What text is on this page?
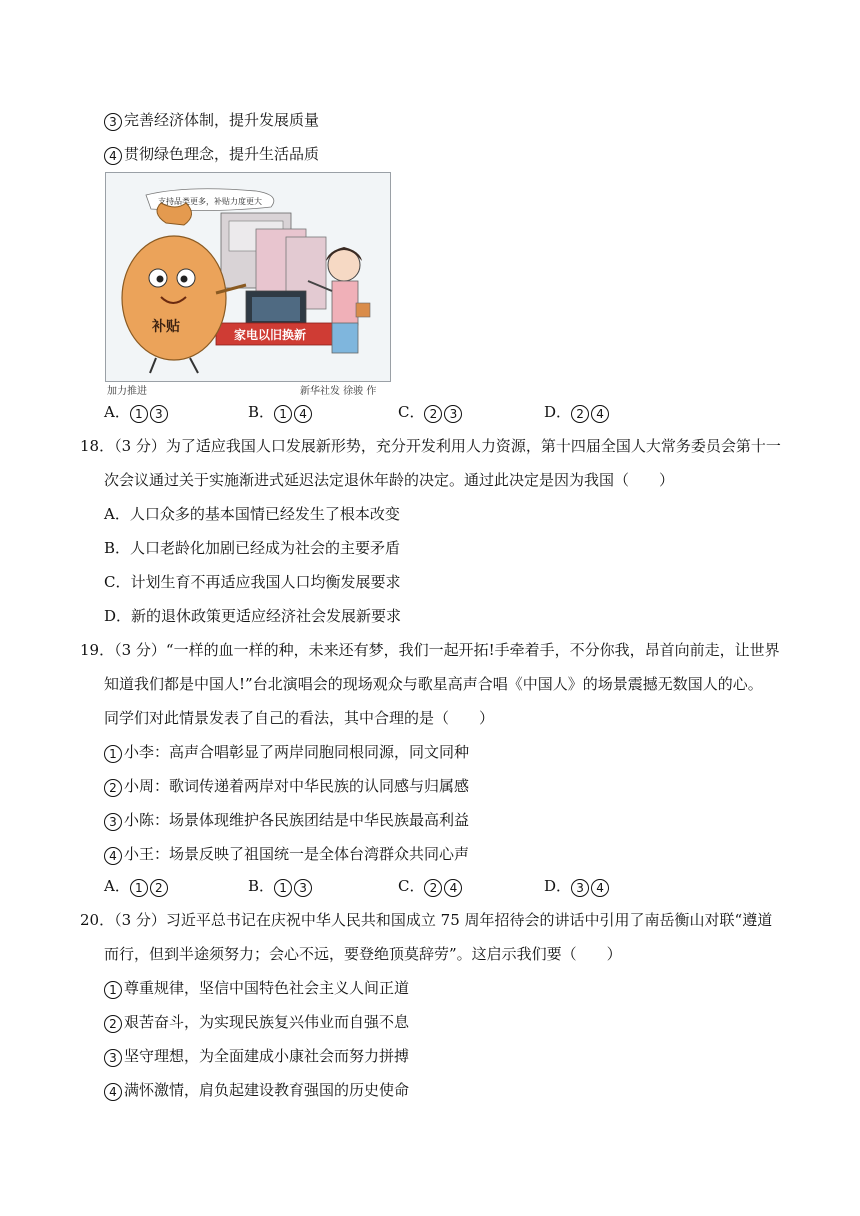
3 完善经济体制，提升发展质量
4 贯彻绿色理念，提升生活品质
支持品类更多，补贴力度更大
家电以旧换新
补贴
加力推进	新华社发 徐骏 作
A． 1 3	B． 1 4	C． 2 3	D． 2 4
18．（3 分）为了适应我国人口发展新形势，充分开发利用人力资源，第十四届全国人大常务委员会第十一
次会议通过关于实施渐进式延迟法定退休年龄的决定。通过此决定是因为我国（　　）
A．人口众多的基本国情已经发生了根本改变
B．人口老龄化加剧已经成为社会的主要矛盾
C．计划生育不再适应我国人口均衡发展要求
D．新的退休政策更适应经济社会发展新要求
19．（3 分）“一样的血一样的种，未来还有梦，我们一起开拓!手牵着手，不分你我，昂首向前走，让世界
知道我们都是中国人!”台北演唱会的现场观众与歌星高声合唱《中国人》的场景震撼无数国人的心。
同学们对此情景发表了自己的看法，其中合理的是（　　）
1 小李：高声合唱彰显了两岸同胞同根同源，同文同种
2 小周：歌词传递着两岸对中华民族的认同感与归属感
3 小陈：场景体现维护各民族团结是中华民族最高利益
4 小王：场景反映了祖国统一是全体台湾群众共同心声
A． 1 2	B． 1 3	C． 2 4	D． 3 4
20．（3 分）习近平总书记在庆祝中华人民共和国成立 75 周年招待会的讲话中引用了南岳衡山对联“遵道
而行，但到半途须努力；会心不远，要登绝顶莫辞劳”。这启示我们要（　　）
1 尊重规律，坚信中国特色社会主义人间正道
2 艰苦奋斗，为实现民族复兴伟业而自强不息
3 坚守理想，为全面建成小康社会而努力拼搏
4 满怀激情，肩负起建设教育强国的历史使命
